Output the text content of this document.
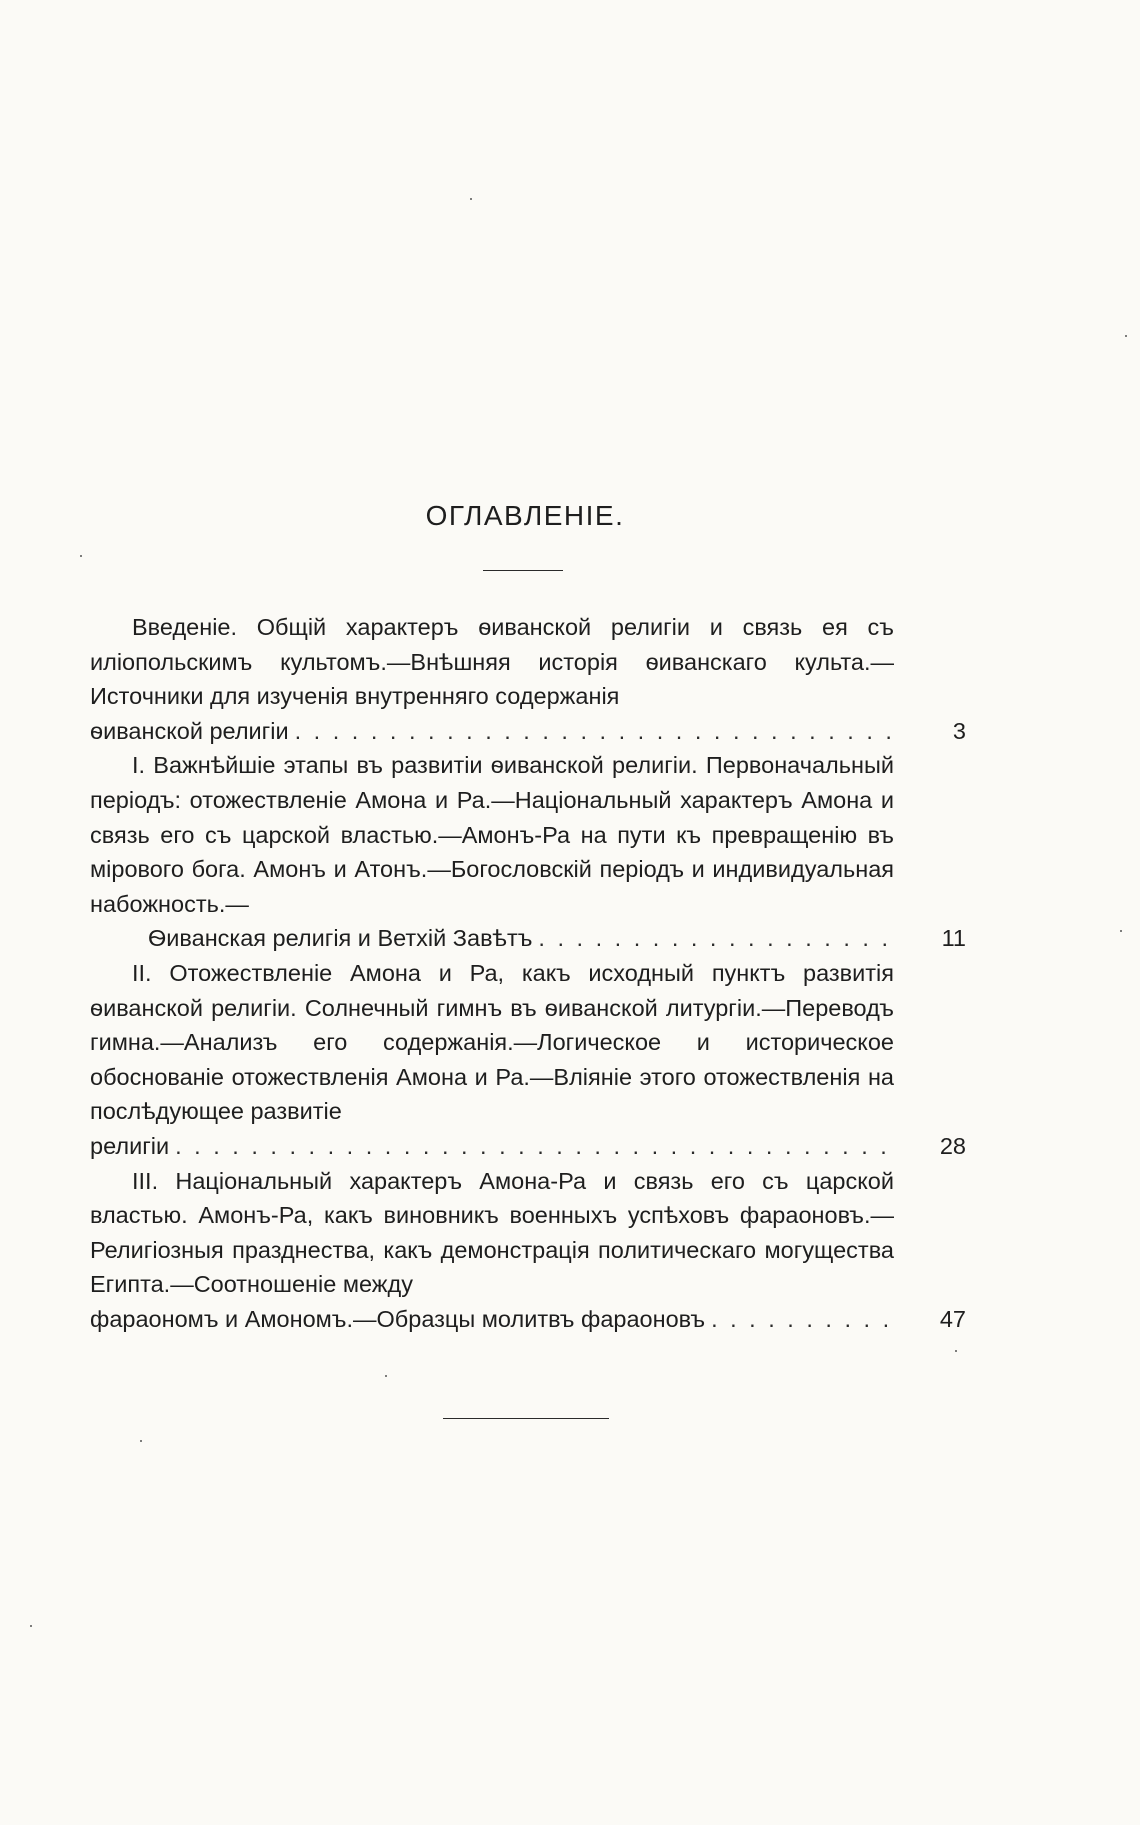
ОГЛАВЛЕНIЕ.
Введенiе. Общiй характеръ ѳиванской религiи и связь ея съ илiопольскимъ культомъ.—Внѣшняя исторiя ѳиванскаго культа.—Источники для изученiя внутренняго содержанiя
ѳиванской религiи . . .	3
I. Важнѣйшiе этапы въ развитiи ѳиванской религiи. Первоначальный перiодъ: отожествленiе Амона и Ра.—Нацiональный характеръ Амона и связь его съ царской властью.—Амонъ-Ра на пути къ превращенiю въ мiрового бога. Амонъ и Атонъ.—Богословскiй перiодъ и индивидуальная набожность.—
Ѳиванская религiя и Ветхiй Завѣтъ . . .	11
II. Отожествленiе Амона и Ра, какъ исходный пунктъ развитiя ѳиванской религiи. Солнечный гимнъ въ ѳиванской литургiи.—Переводъ гимна.—Анализъ его содержанiя.—Логическое и историческое обоснованiе отожествленiя Амона и Ра.—Влiянiе этого отожествленiя на послѣдующее развитiе
религiи . . .	28
III. Нацiональный характеръ Амона-Ра и связь его съ царской властью. Амонъ-Ра, какъ виновникъ военныхъ успѣховъ фараоновъ.—Религiозныя празднества, какъ демонстрацiя политическаго могущества Египта.—Соотношенiе между
фараономъ и Амономъ.—Образцы молитвъ фараоновъ . . .	47
